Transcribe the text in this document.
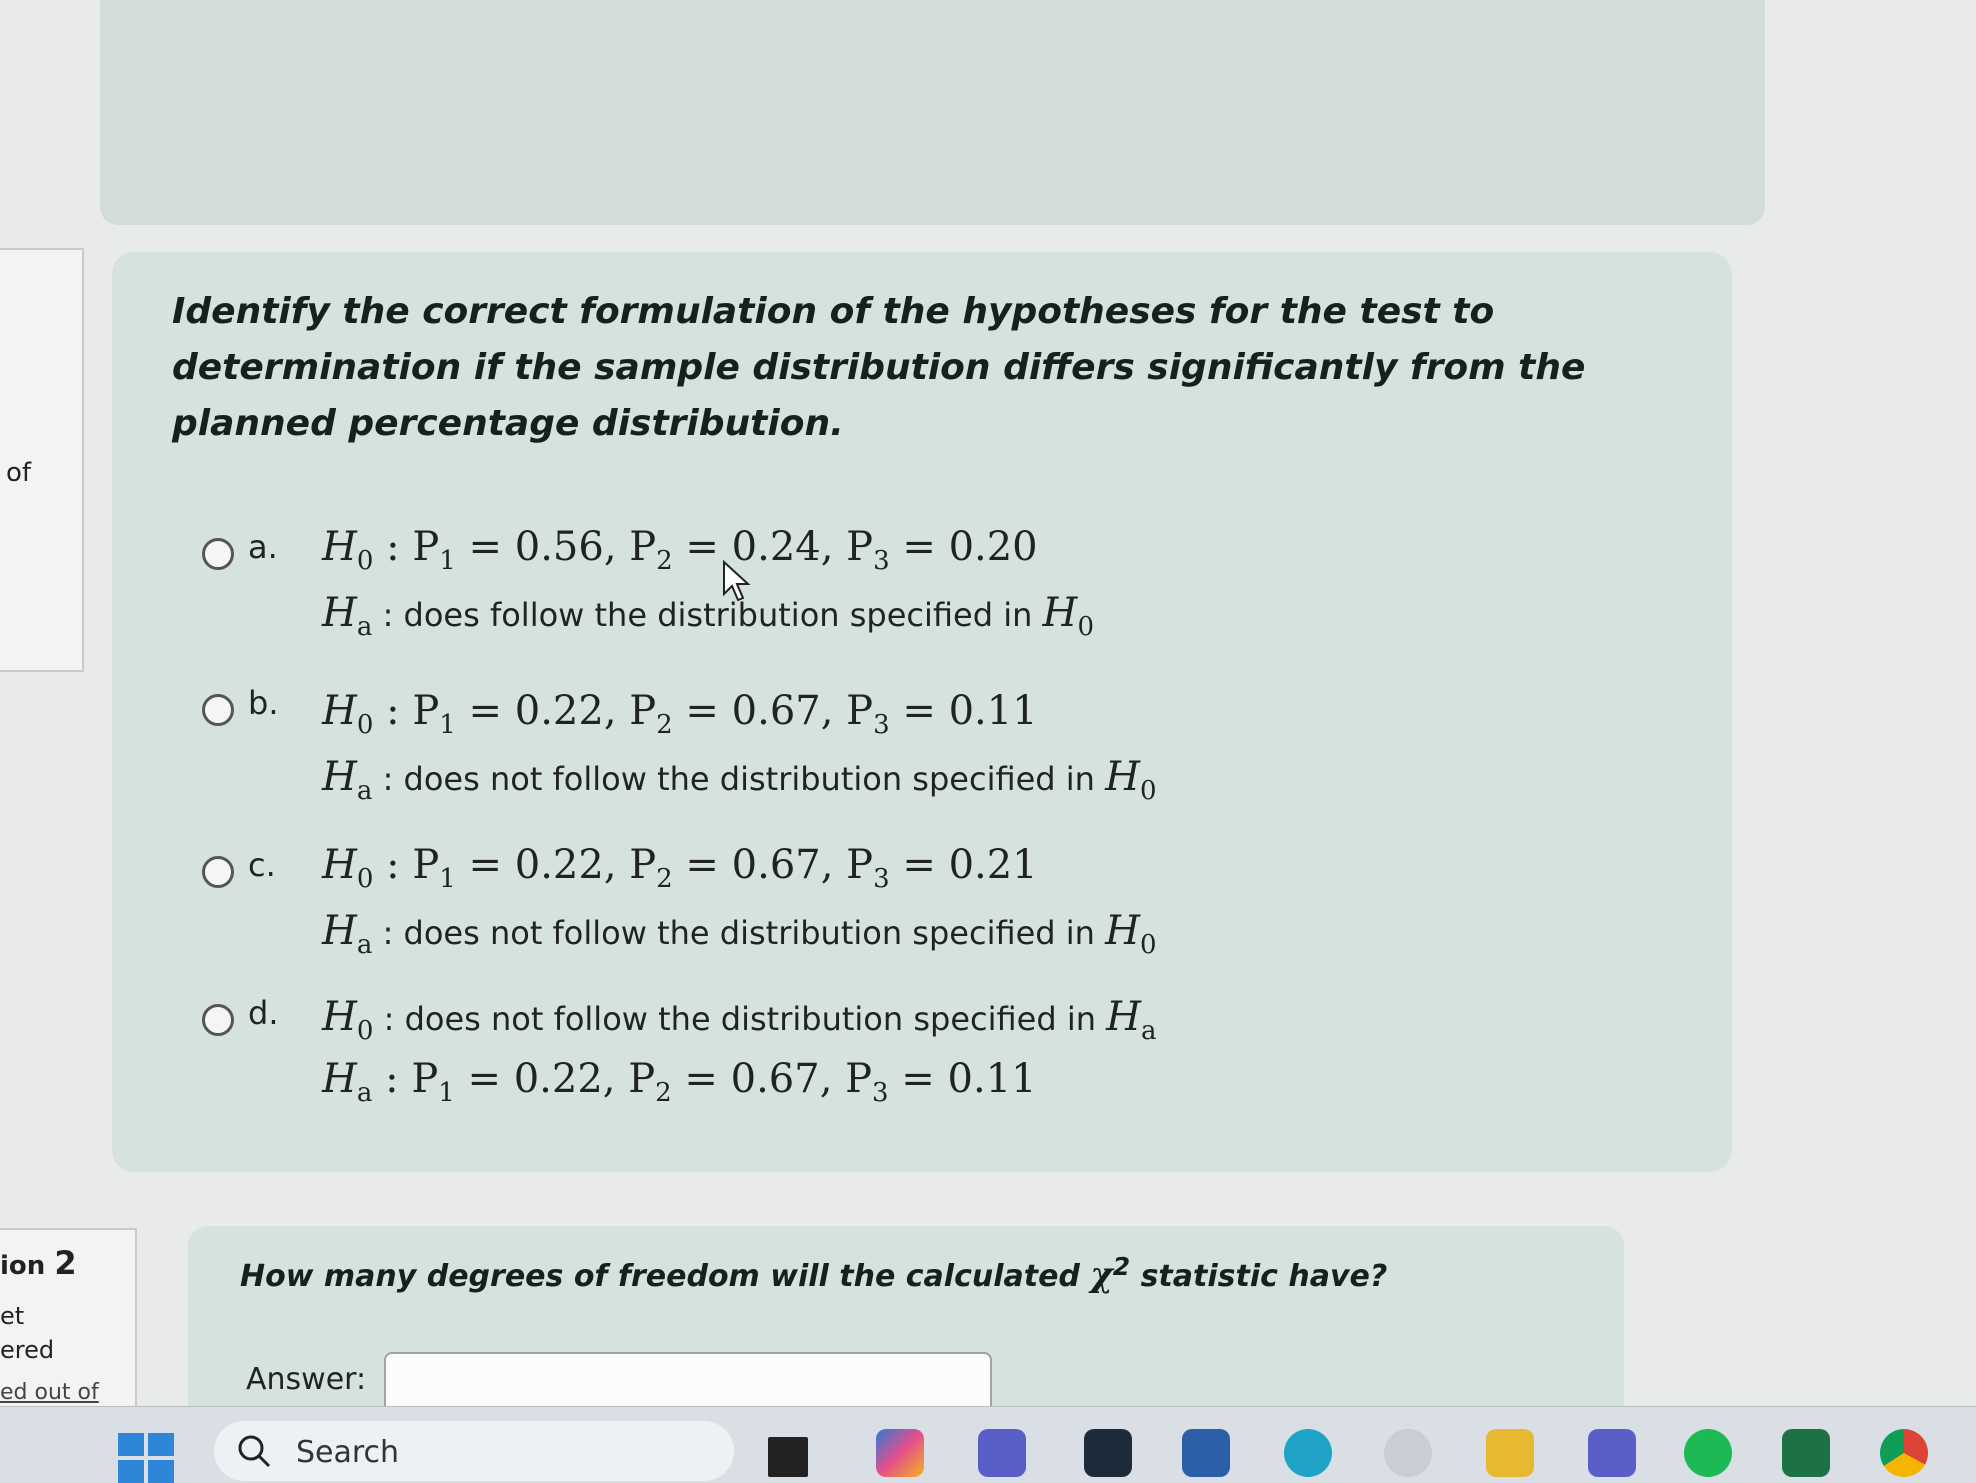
of
ion 2
et
ered
ed out of
Identify the correct formulation of the hypotheses for the test to determination if the sample distribution differs significantly from the planned percentage distribution.
a. $H_0$ : $P_1 = 0.56$, $P_2 = 0.24$, $P_3 = 0.20$
$H_a$ : does follow the distribution specified in $H_0$
b. $H_0$ : $P_1 = 0.22$, $P_2 = 0.67$, $P_3 = 0.11$
$H_a$ : does not follow the distribution specified in $H_0$
c. $H_0$ : $P_1 = 0.22$, $P_2 = 0.67$, $P_3 = 0.21$
$H_a$ : does not follow the distribution specified in $H_0$
d. $H_0$ : does not follow the distribution specified in $H_a$
$H_a$ : $P_1 = 0.22$, $P_2 = 0.67$, $P_3 = 0.11$
How many degrees of freedom will the calculated $\chi^2$ statistic have?
Answer:
Search
